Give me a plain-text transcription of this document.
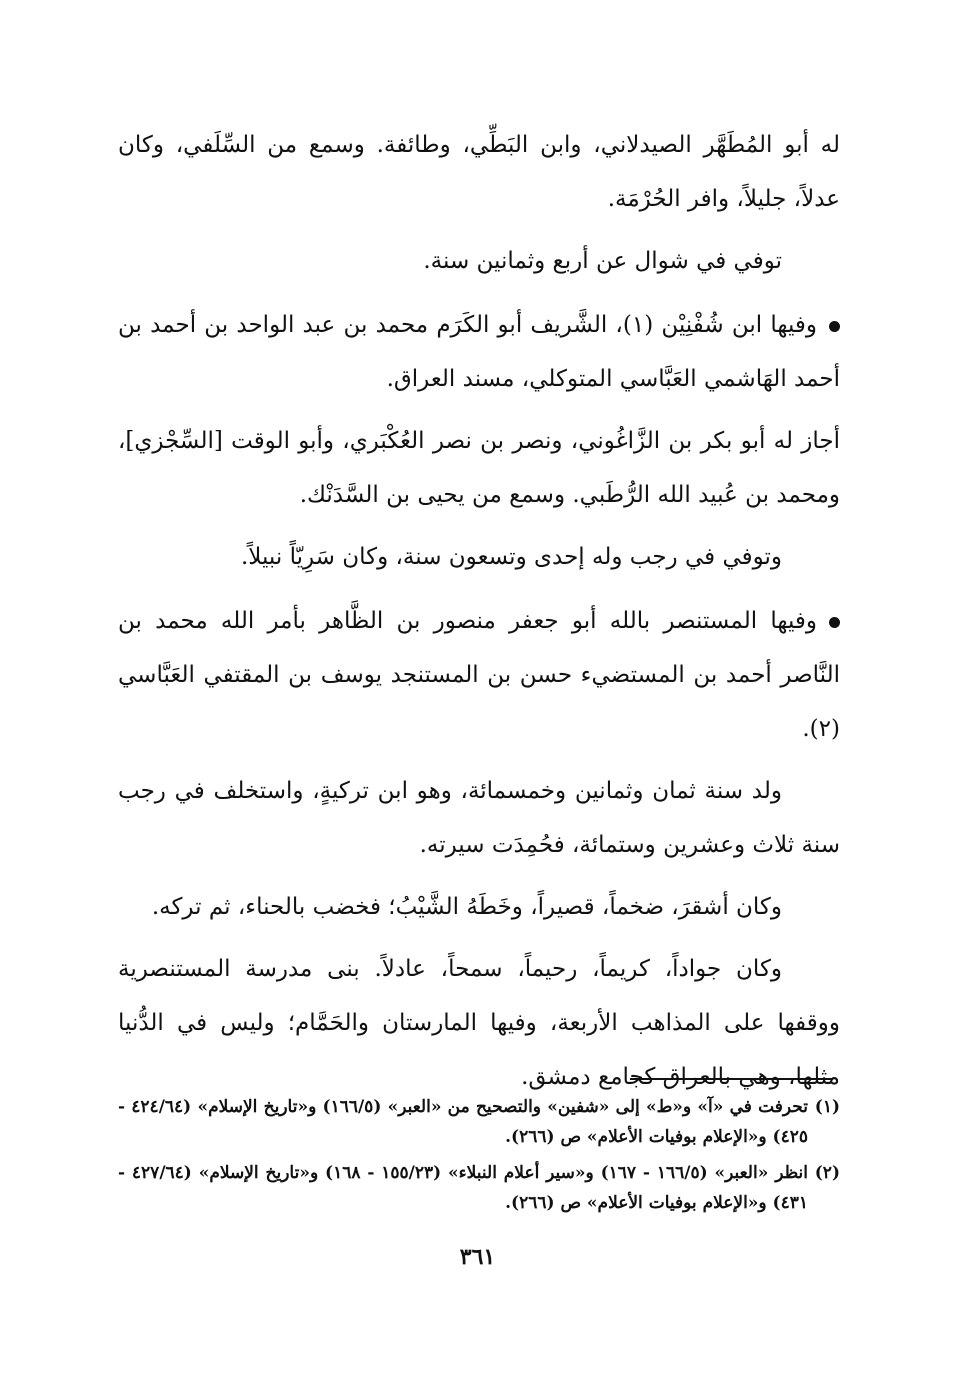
له أبو المُطَهَّر الصيدلاني، وابن البَطِّي، وطائفة. وسمع من السِّلَفي، وكان عدلاً، جليلاً، وافر الحُرْمَة.

توفي في شوال عن أربع وثمانين سنة.

وفيها ابن شُفْنِيْن (١)، الشَّريف أبو الكَرَم محمد بن عبد الواحد بن أحمد بن أحمد الهَاشمي العَبَّاسي المتوكلي، مسند العراق.

أجاز له أبو بكر بن الزَّاغُوني، ونصر بن نصر العُكْبَري، وأبو الوقت [السِّجْزي]، ومحمد بن عُبيد الله الرُّطَبي. وسمع من يحيى بن السَّدَنْك.

وتوفي في رجب وله إحدى وتسعون سنة، وكان سَرِيّاً نبيلاً.

وفيها المستنصر بالله أبو جعفر منصور بن الظَّاهر بأمر الله محمد بن النَّاصر أحمد بن المستضيء حسن بن المستنجد يوسف بن المقتفي العَبَّاسي (٢).

ولد سنة ثمان وثمانين وخمسمائة، وهو ابن تركيةٍ، واستخلف في رجب سنة ثلاث وعشرين وستمائة، فحُمِدَت سيرته.

وكان أشقرَ، ضخماً، قصيراً، وخَطَهُ الشَّيْبُ؛ فخضب بالحناء، ثم تركه.

وكان جواداً، كريماً، رحيماً، سمحاً، عادلاً. بنى مدرسة المستنصرية ووقفها على المذاهب الأربعة، وفيها المارستان والحَمَّام؛ وليس في الدُّنيا مثلها، وهي بالعراق كجامع دمشق.

(١)تحرفت في «آ» و«ط» إلى «شفين» والتصحيح من «العبر» (١٦٦/٥) و«تاريخ الإسلام» (٤٢٤/٦٤ - ٤٢٥) و«الإعلام بوفيات الأعلام» ص (٢٦٦).

(٢)انظر «العبر» (١٦٦/٥ - ١٦٧) و«سير أعلام النبلاء» (١٥٥/٢٣ - ١٦٨) و«تاريخ الإسلام» (٤٢٧/٦٤ - ٤٣١) و«الإعلام بوفيات الأعلام» ص (٢٦٦).

٣٦١
